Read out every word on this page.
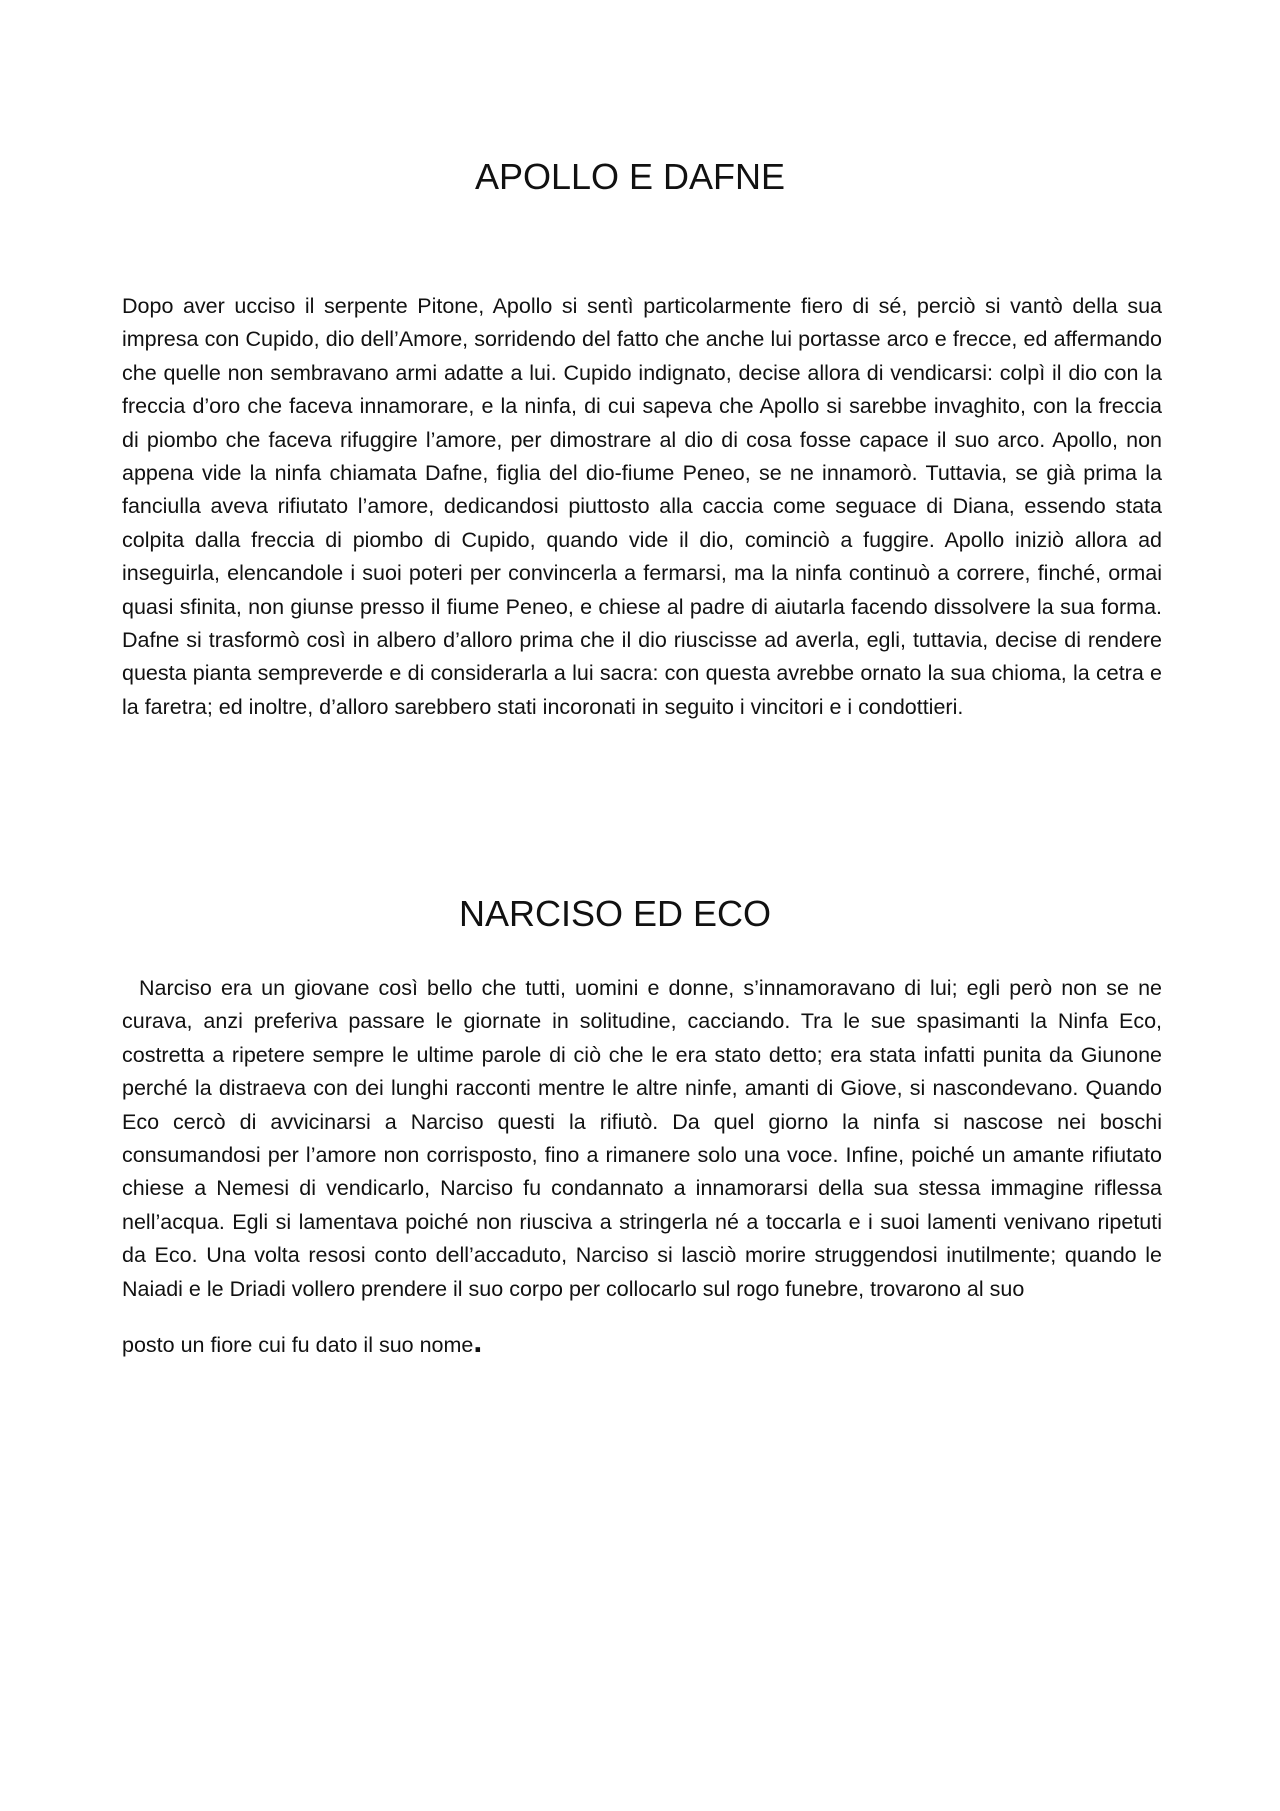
APOLLO E DAFNE

Dopo aver ucciso il serpente Pitone, Apollo si sentì particolarmente fiero di sé, perciò si vantò della sua impresa con Cupido, dio dell’Amore, sorridendo del fatto che anche lui portasse arco e frecce, ed affermando che quelle non sembravano armi adatte a lui. Cupido indignato, decise allora di vendicarsi: colpì il dio con la freccia d’oro che faceva innamorare, e la ninfa, di cui sapeva che Apollo si sarebbe invaghito, con la freccia di piombo che faceva rifuggire l’amore, per dimostrare al dio di cosa fosse capace il suo arco. Apollo, non appena vide la ninfa chiamata Dafne, figlia del dio-fiume Peneo, se ne innamorò. Tuttavia, se già prima la fanciulla aveva rifiutato l’amore, dedicandosi piuttosto alla caccia come seguace di Diana, essendo stata colpita dalla freccia di piombo di Cupido, quando vide il dio, cominciò a fuggire. Apollo iniziò allora ad inseguirla, elencandole i suoi poteri per convincerla a fermarsi, ma la ninfa continuò a correre, finché, ormai quasi sfinita, non giunse presso il fiume Peneo, e chiese al padre di aiutarla facendo dissolvere la sua forma. Dafne si trasformò così in albero d’alloro prima che il dio riuscisse ad averla, egli, tuttavia, decise di rendere questa pianta sempreverde e di considerarla a lui sacra: con questa avrebbe ornato la sua chioma, la cetra e la faretra; ed inoltre, d’alloro sarebbero stati incoronati in seguito i vincitori e i condottieri.

NARCISO ED ECO

Narciso era un giovane così bello che tutti, uomini e donne, s’innamoravano di lui; egli però non se ne curava, anzi preferiva passare le giornate in solitudine, cacciando. Tra le sue spasimanti la Ninfa Eco, costretta a ripetere sempre le ultime parole di ciò che le era stato detto; era stata infatti punita da Giunone perché la distraeva con dei lunghi racconti mentre le altre ninfe, amanti di Giove, si nascondevano. Quando Eco cercò di avvicinarsi a Narciso questi la rifiutò. Da quel giorno la ninfa si nascose nei boschi consumandosi per l’amore non corrisposto, fino a rimanere solo una voce. Infine, poiché un amante rifiutato chiese a Nemesi di vendicarlo, Narciso fu condannato a innamorarsi della sua stessa immagine riflessa nell’acqua. Egli si lamentava poiché non riusciva a stringerla né a toccarla e i suoi lamenti venivano ripetuti da Eco. Una volta resosi conto dell’accaduto, Narciso si lasciò morire struggendosi inutilmente; quando le Naiadi e le Driadi vollero prendere il suo corpo per collocarlo sul rogo funebre, trovarono al suo

posto un fiore cui fu dato il suo nome.
